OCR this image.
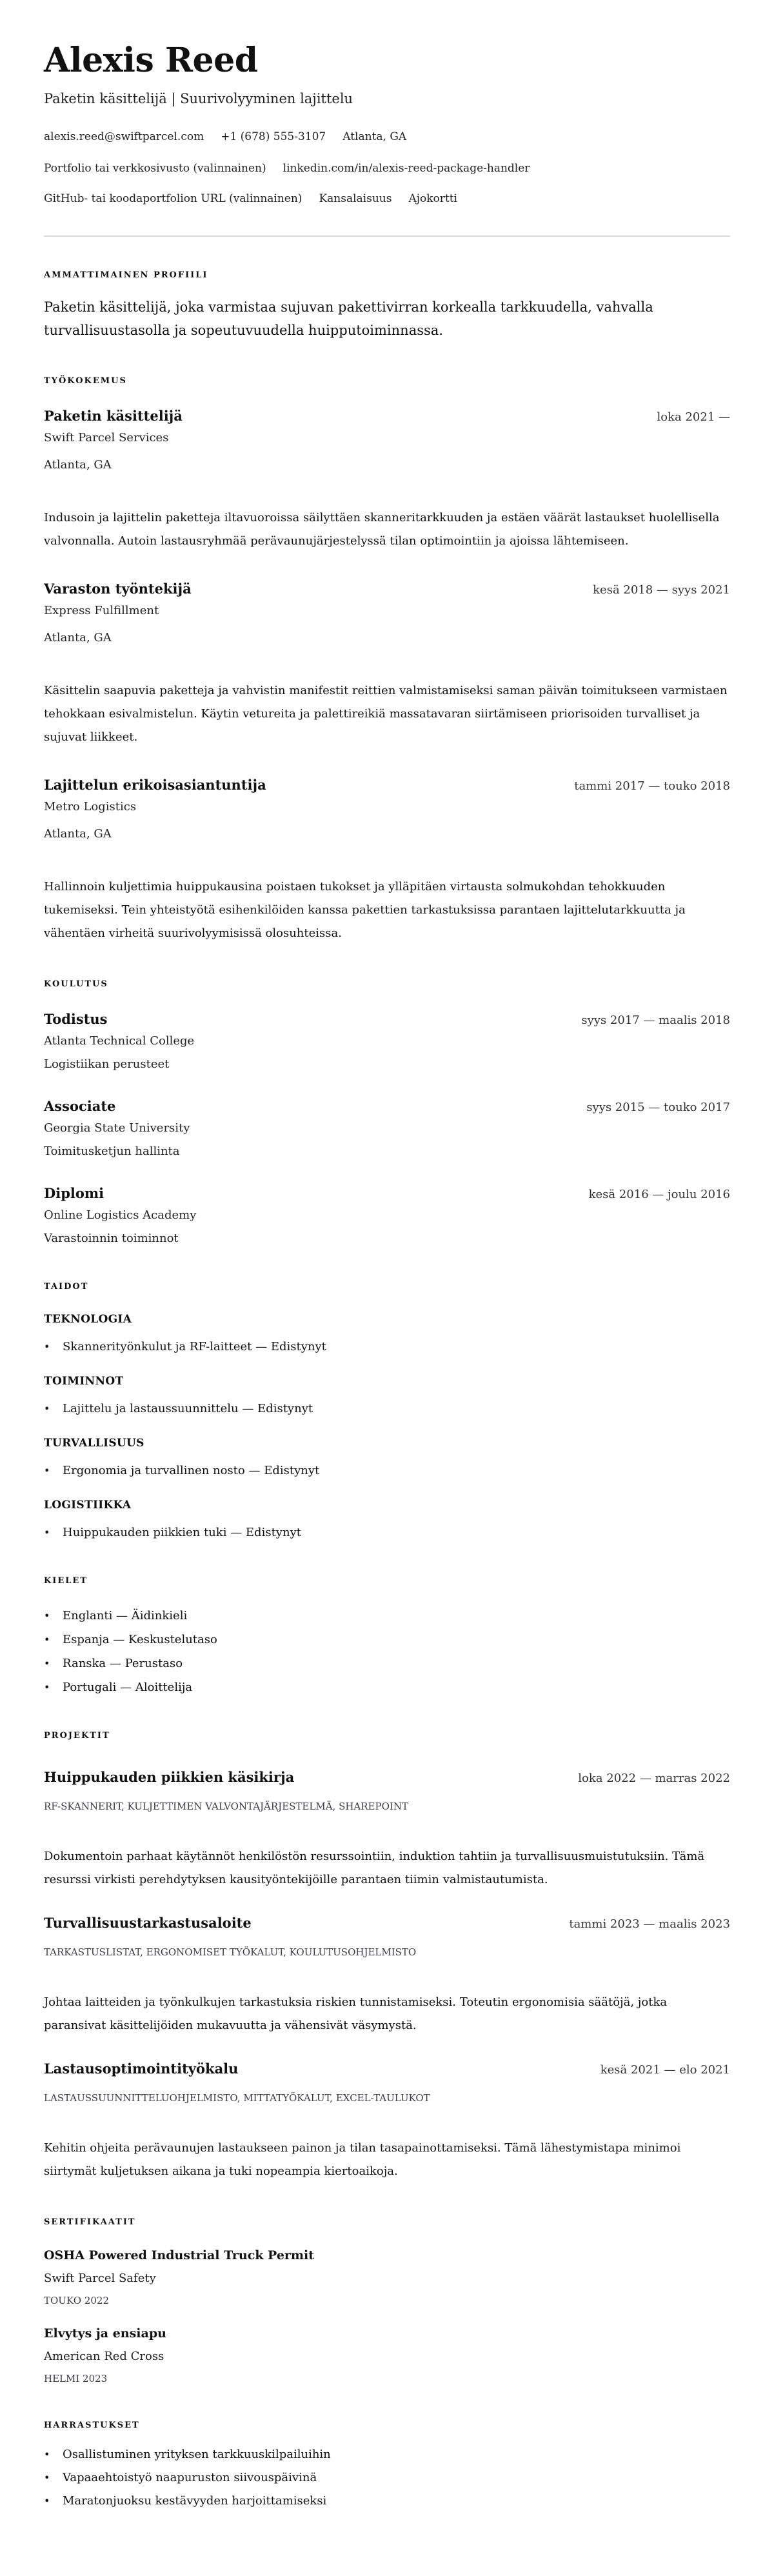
Alexis Reed
Paketin käsittelijä | Suurivolyyminen lajittelu
alexis.reed@swiftparcel.com +1 (678) 555-3107 Atlanta, GA
Portfolio tai verkkosivusto (valinnainen) linkedin.com/in/alexis-reed-package-handler
GitHub- tai koodaportfolion URL (valinnainen) Kansalaisuus Ajokortti
AMMATTIMAINEN PROFIILI
Paketin käsittelijä, joka varmistaa sujuvan pakettivirran korkealla tarkkuudella, vahvalla turvallisuustasolla ja sopeutuvuudella huipputoiminnassa.
TYÖKOKEMUS
Paketin käsittelijä	loka 2021 —
Swift Parcel Services
Atlanta, GA
Indusoin ja lajittelin paketteja iltavuoroissa säilyttäen skanneritarkkuuden ja estäen väärät lastaukset huolellisella valvonnalla. Autoin lastausryhmää perävaunujärjestelyssä tilan optimointiin ja ajoissa lähtemiseen.
Varaston työntekijä	kesä 2018 — syys 2021
Express Fulfillment
Atlanta, GA
Käsittelin saapuvia paketteja ja vahvistin manifestit reittien valmistamiseksi saman päivän toimitukseen varmistaen tehokkaan esivalmistelun. Käytin vetureita ja palettireikiä massatavaran siirtämiseen priorisoiden turvalliset ja sujuvat liikkeet.
Lajittelun erikoisasiantuntija	tammi 2017 — touko 2018
Metro Logistics
Atlanta, GA
Hallinnoin kuljettimia huippukausina poistaen tukokset ja ylläpitäen virtausta solmukohdan tehokkuuden tukemiseksi. Tein yhteistyötä esihenkilöiden kanssa pakettien tarkastuksissa parantaen lajittelutarkkuutta ja vähentäen virheitä suurivolyymisissä olosuhteissa.
KOULUTUS
Todistus	syys 2017 — maalis 2018
Atlanta Technical College
Logistiikan perusteet
Associate	syys 2015 — touko 2017
Georgia State University
Toimitusketjun hallinta
Diplomi	kesä 2016 — joulu 2016
Online Logistics Academy
Varastoinnin toiminnot
TAIDOT
TEKNOLOGIA
• Skannerityönkulut ja RF-laitteet — Edistynyt
TOIMINNOT
• Lajittelu ja lastaussuunnittelu — Edistynyt
TURVALLISUUS
• Ergonomia ja turvallinen nosto — Edistynyt
LOGISTIIKKA
• Huippukauden piikkien tuki — Edistynyt
KIELET
• Englanti — Äidinkieli
• Espanja — Keskustelutaso
• Ranska — Perustaso
• Portugali — Aloittelija
PROJEKTIT
Huippukauden piikkien käsikirja	loka 2022 — marras 2022
RF-SKANNERIT, KULJETTIMEN VALVONTAJÄRJESTELMÄ, SHAREPOINT
Dokumentoin parhaat käytännöt henkilöstön resurssointiin, induktion tahtiin ja turvallisuusmuistutuksiin. Tämä resurssi virkisti perehdytyksen kausityöntekijöille parantaen tiimin valmistautumista.
Turvallisuustarkastusaloite	tammi 2023 — maalis 2023
TARKASTUSLISTAT, ERGONOMISET TYÖKALUT, KOULUTUSOHJELMISTO
Johtaa laitteiden ja työnkulkujen tarkastuksia riskien tunnistamiseksi. Toteutin ergonomisia säätöjä, jotka paransivat käsittelijöiden mukavuutta ja vähensivät väsymystä.
Lastausoptimointityökalu	kesä 2021 — elo 2021
LASTAUSSUUNNITTELUOHJELMISTO, MITTATYÖKALUT, EXCEL-TAULUKOT
Kehitin ohjeita perävaunujen lastaukseen painon ja tilan tasapainottamiseksi. Tämä lähestymistapa minimoi siirtymät kuljetuksen aikana ja tuki nopeampia kiertoaikoja.
SERTIFIKAATIT
OSHA Powered Industrial Truck Permit
Swift Parcel Safety
TOUKO 2022
Elvytys ja ensiapu
American Red Cross
HELMI 2023
HARRASTUKSET
• Osallistuminen yrityksen tarkkuuskilpailuihin
• Vapaaehtoistyö naapuruston siivouspäivinä
• Maratonjuoksu kestävyyden harjoittamiseksi
